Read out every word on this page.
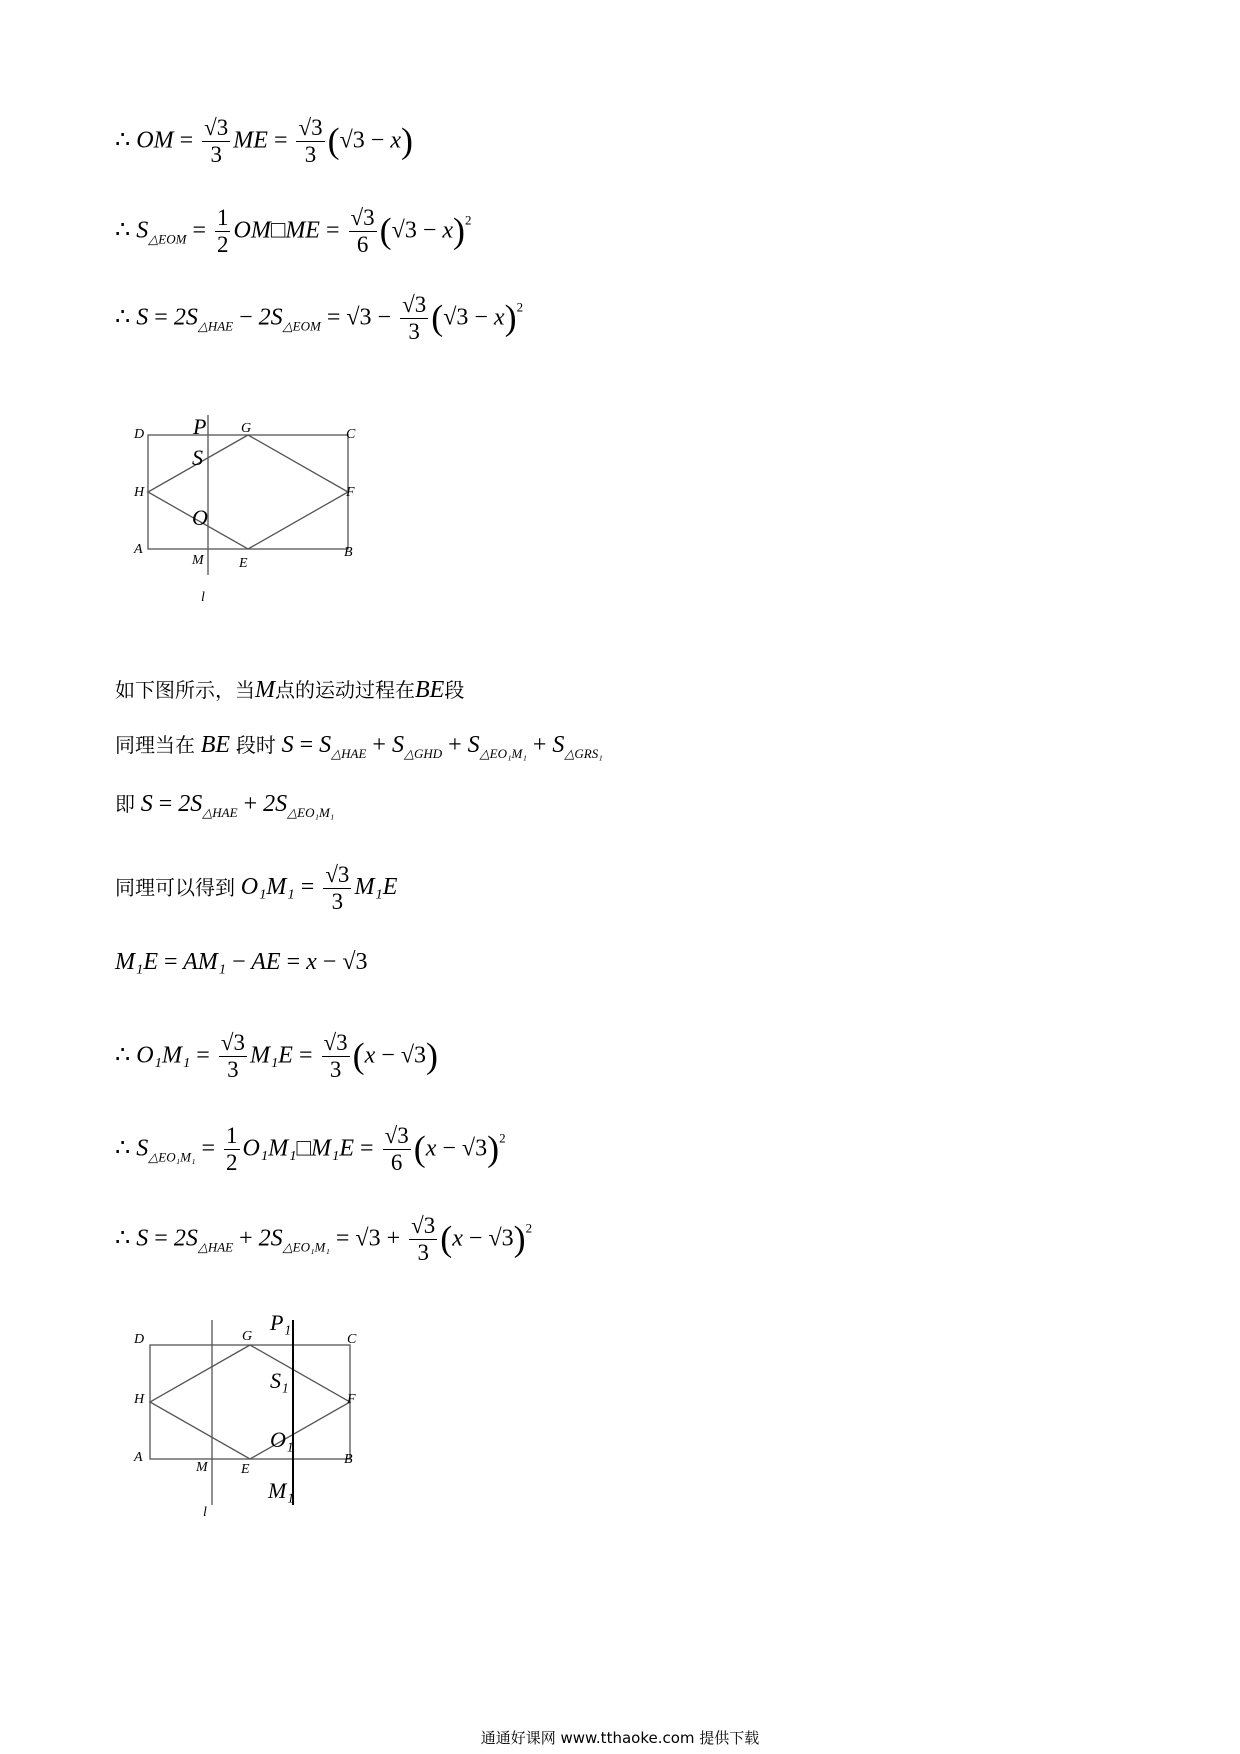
∴ OM = $\frac{√3}{3}$ ME = $\frac{√3}{3} (√3 - x)$
∴ $S_{\triangle EOM} = \frac{1}{2}$ OM□ME = $\frac{√3}{6} (√3 - x)^2$
∴ $S = 2S_{\triangle HAE} - 2S_{\triangle EOM} = √3 - \frac{√3}{3} (√3 - x)^2$
D P G	C
S
H	F
O
A
M	E
B
l
如下图所示，当M点的运动过程在BE段
同理当在 BE 段时 $S = S_{\triangle HAE} + S_{\triangle GHD} + S_{\triangle EO_1M_1} + S_{\triangle GRS_1}$
即 $S = 2S_{\triangle HAE} + 2S_{\triangle EO_1M_1}$
同理可以得到 $O_1M_1 = \frac{√3}{3} M_1E$
M₁E = AM₁ − AE = x − √3
∴ $O_1M_1 = \frac{√3}{3} M_1E = \frac{√3}{3} (x - √3)$
∴ $S_{\triangle EO_1M_1} = \frac{1}{2}$ O₁M₁□M₁E = $\frac{√3}{6} (x - √3)^2$
∴ $S = 2S_{\triangle HAE} + 2S_{\triangle EO_1M_1} = √3 + \frac{√3}{3} (x - √3)^2$
D	G
P₁
C
S₁
H	F
O₁
A
M E
B
M₁
l
通通好课网 www.tthaoke.com 提供下载
